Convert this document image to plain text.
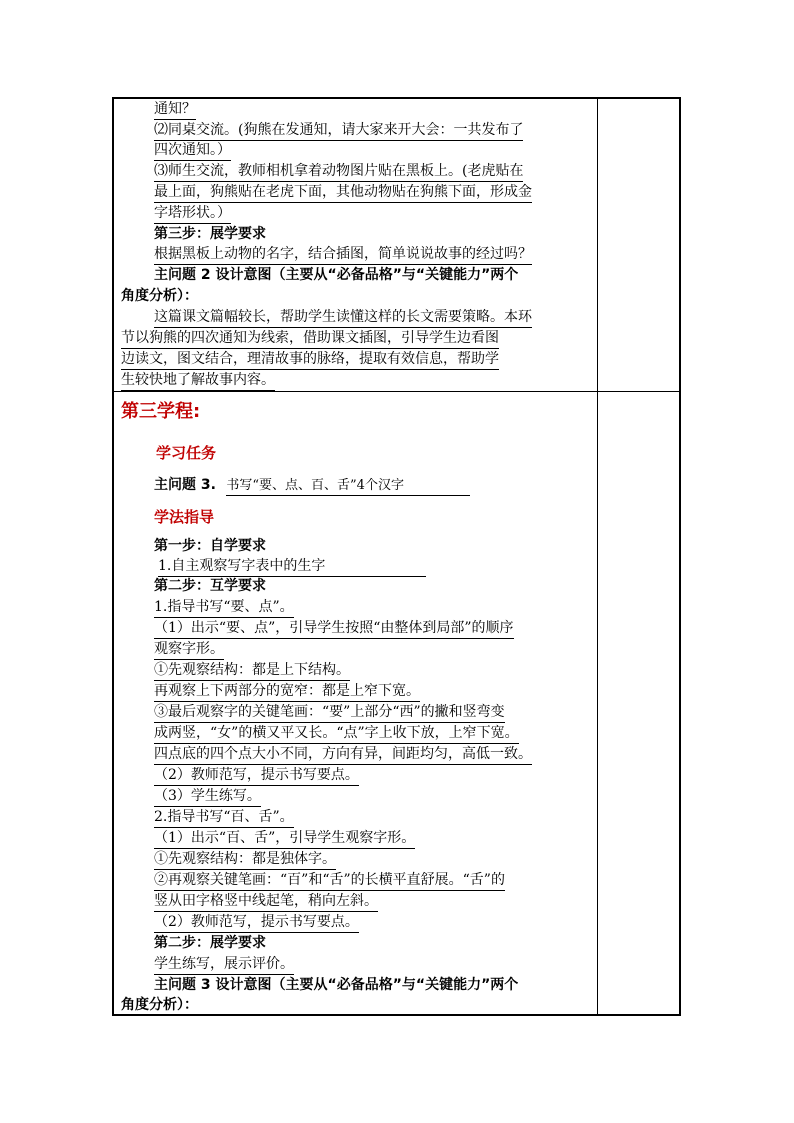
通知？
⑵同桌交流。(狗熊在发通知，请大家来开大会：一共发布了
四次通知。）
⑶师生交流，教师相机拿着动物图片贴在黑板上。(老虎贴在
最上面，狗熊贴在老虎下面，其他动物贴在狗熊下面，形成金
字塔形状。）
第三步：展学要求
根据黑板上动物的名字，结合插图，简单说说故事的经过吗？
主问题 2 设计意图（主要从“必备品格”与“关键能力”两个
角度分析）：
这篇课文篇幅较长，帮助学生读懂这样的长文需要策略。本环
节以狗熊的四次通知为线索，借助课文插图，引导学生边看图
边读文，图文结合，理清故事的脉络，提取有效信息，帮助学
生较快地了解故事内容。
第三学程:
学习任务
主问题 3. 书写“要、点、百、舌”4个汉字
学法指导
第一步：自学要求
1.自主观察写字表中的生字
第二步：互学要求
1.指导书写“要、点”。
（1）出示“要、点”，引导学生按照“由整体到局部”的顺序
观察字形。
①先观察结构：都是上下结构。
再观察上下两部分的宽窄：都是上窄下宽。
③最后观察字的关键笔画：“要”上部分“西”的撇和竖弯变
成两竖，“女”的横又平又长。“点”字上收下放，上窄下宽。
四点底的四个点大小不同，方向有异，间距均匀，高低一致。
（2）教师范写，提示书写要点。
（3）学生练写。
2.指导书写“百、舌”。
（1）出示“百、舌”，引导学生观察字形。
①先观察结构：都是独体字。
②再观察关键笔画：“百”和“舌”的长横平直舒展。“舌”的
竖从田字格竖中线起笔，稍向左斜。
（2）教师范写，提示书写要点。
第二步：展学要求
学生练写，展示评价。
主问题 3 设计意图（主要从“必备品格”与“关键能力”两个
角度分析）：
